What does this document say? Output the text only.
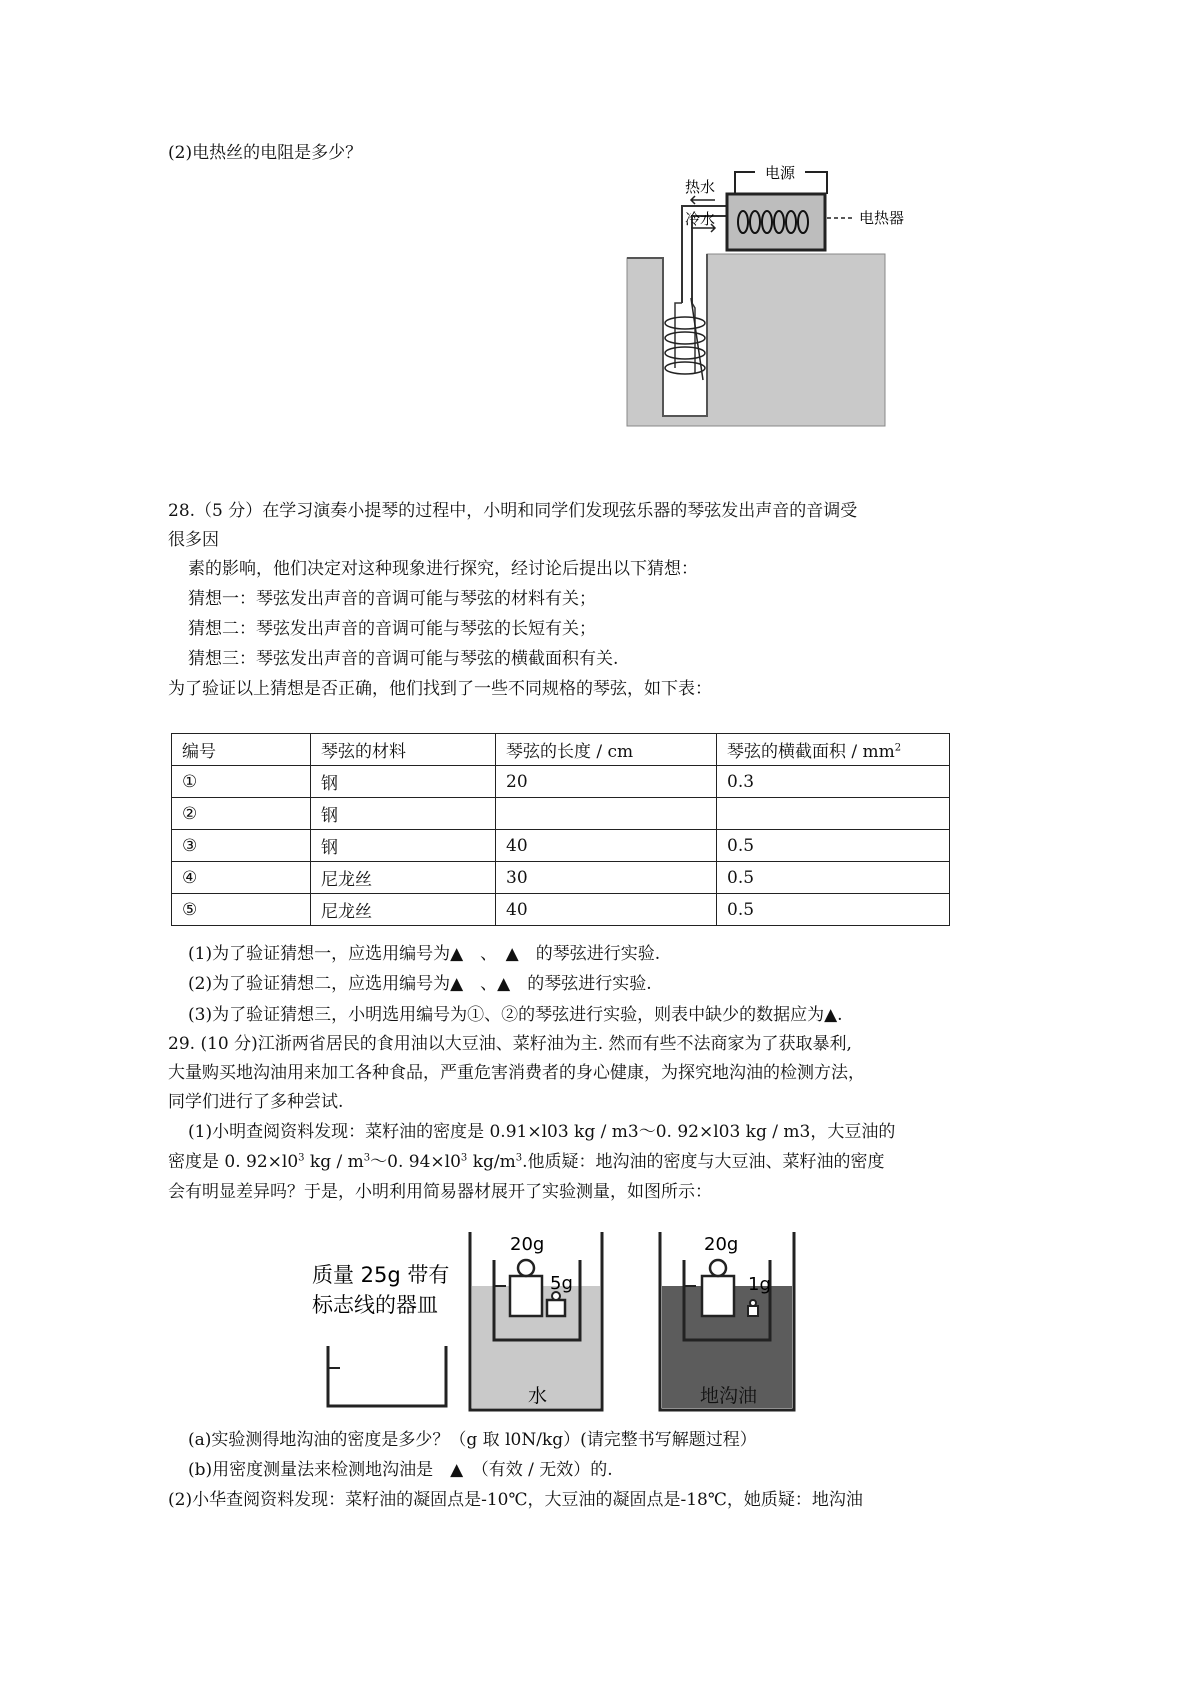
(2)电热丝的电阻是多少？
电源
热水
冷水	电热器
28.（5 分）在学习演奏小提琴的过程中，小明和同学们发现弦乐器的琴弦发出声音的音调受
很多因
素的影响，他们决定对这种现象进行探究，经讨论后提出以下猜想：
猜想一：琴弦发出声音的音调可能与琴弦的材料有关；
猜想二：琴弦发出声音的音调可能与琴弦的长短有关；
猜想三：琴弦发出声音的音调可能与琴弦的横截面积有关.
为了验证以上猜想是否正确，他们找到了一些不同规格的琴弦，如下表：
编号	琴弦的材料	琴弦的长度 / cm	琴弦的横截面积 / $mm^2$
①	钢	20	0.3
②	钢		
③	钢	40	0.5
④	尼龙丝	30	0.5
⑤	尼龙丝	40	0.5
(1)为了验证猜想一，应选用编号为▲　、　▲　的琴弦进行实验.
(2)为了验证猜想二，应选用编号为▲　、▲　的琴弦进行实验.
(3)为了验证猜想三，小明选用编号为①、②的琴弦进行实验，则表中缺少的数据应为▲.
29. (10 分)江浙两省居民的食用油以大豆油、菜籽油为主. 然而有些不法商家为了获取暴利,
大量购买地沟油用来加工各种食品，严重危害消费者的身心健康，为探究地沟油的检测方法，
同学们进行了多种尝试.
(1)小明查阅资料发现：菜籽油的密度是 0.91×l03 kg / m3～0. 92×l03 kg / m3，大豆油的
密度是 0. $92\times l0^3$ kg / $m^3\sim 0$. $94\times l0^3$ $kg/m^3$.他质疑：地沟油的密度与大豆油、菜籽油的密度
会有明显差异吗？于是，小明利用简易器材展开了实验测量，如图所示：
质量 25g 带有
标志线的器皿
20g
5g
水
20g
1g
地沟油
(a)实验测得地沟油的密度是多少？（g 取 l0N/kg）(请完整书写解题过程）
(b)用密度测量法来检测地沟油是　▲　（有效 / 无效）的.
(2)小华查阅资料发现：菜籽油的凝固点是-10℃，大豆油的凝固点是-18℃，她质疑：地沟油
